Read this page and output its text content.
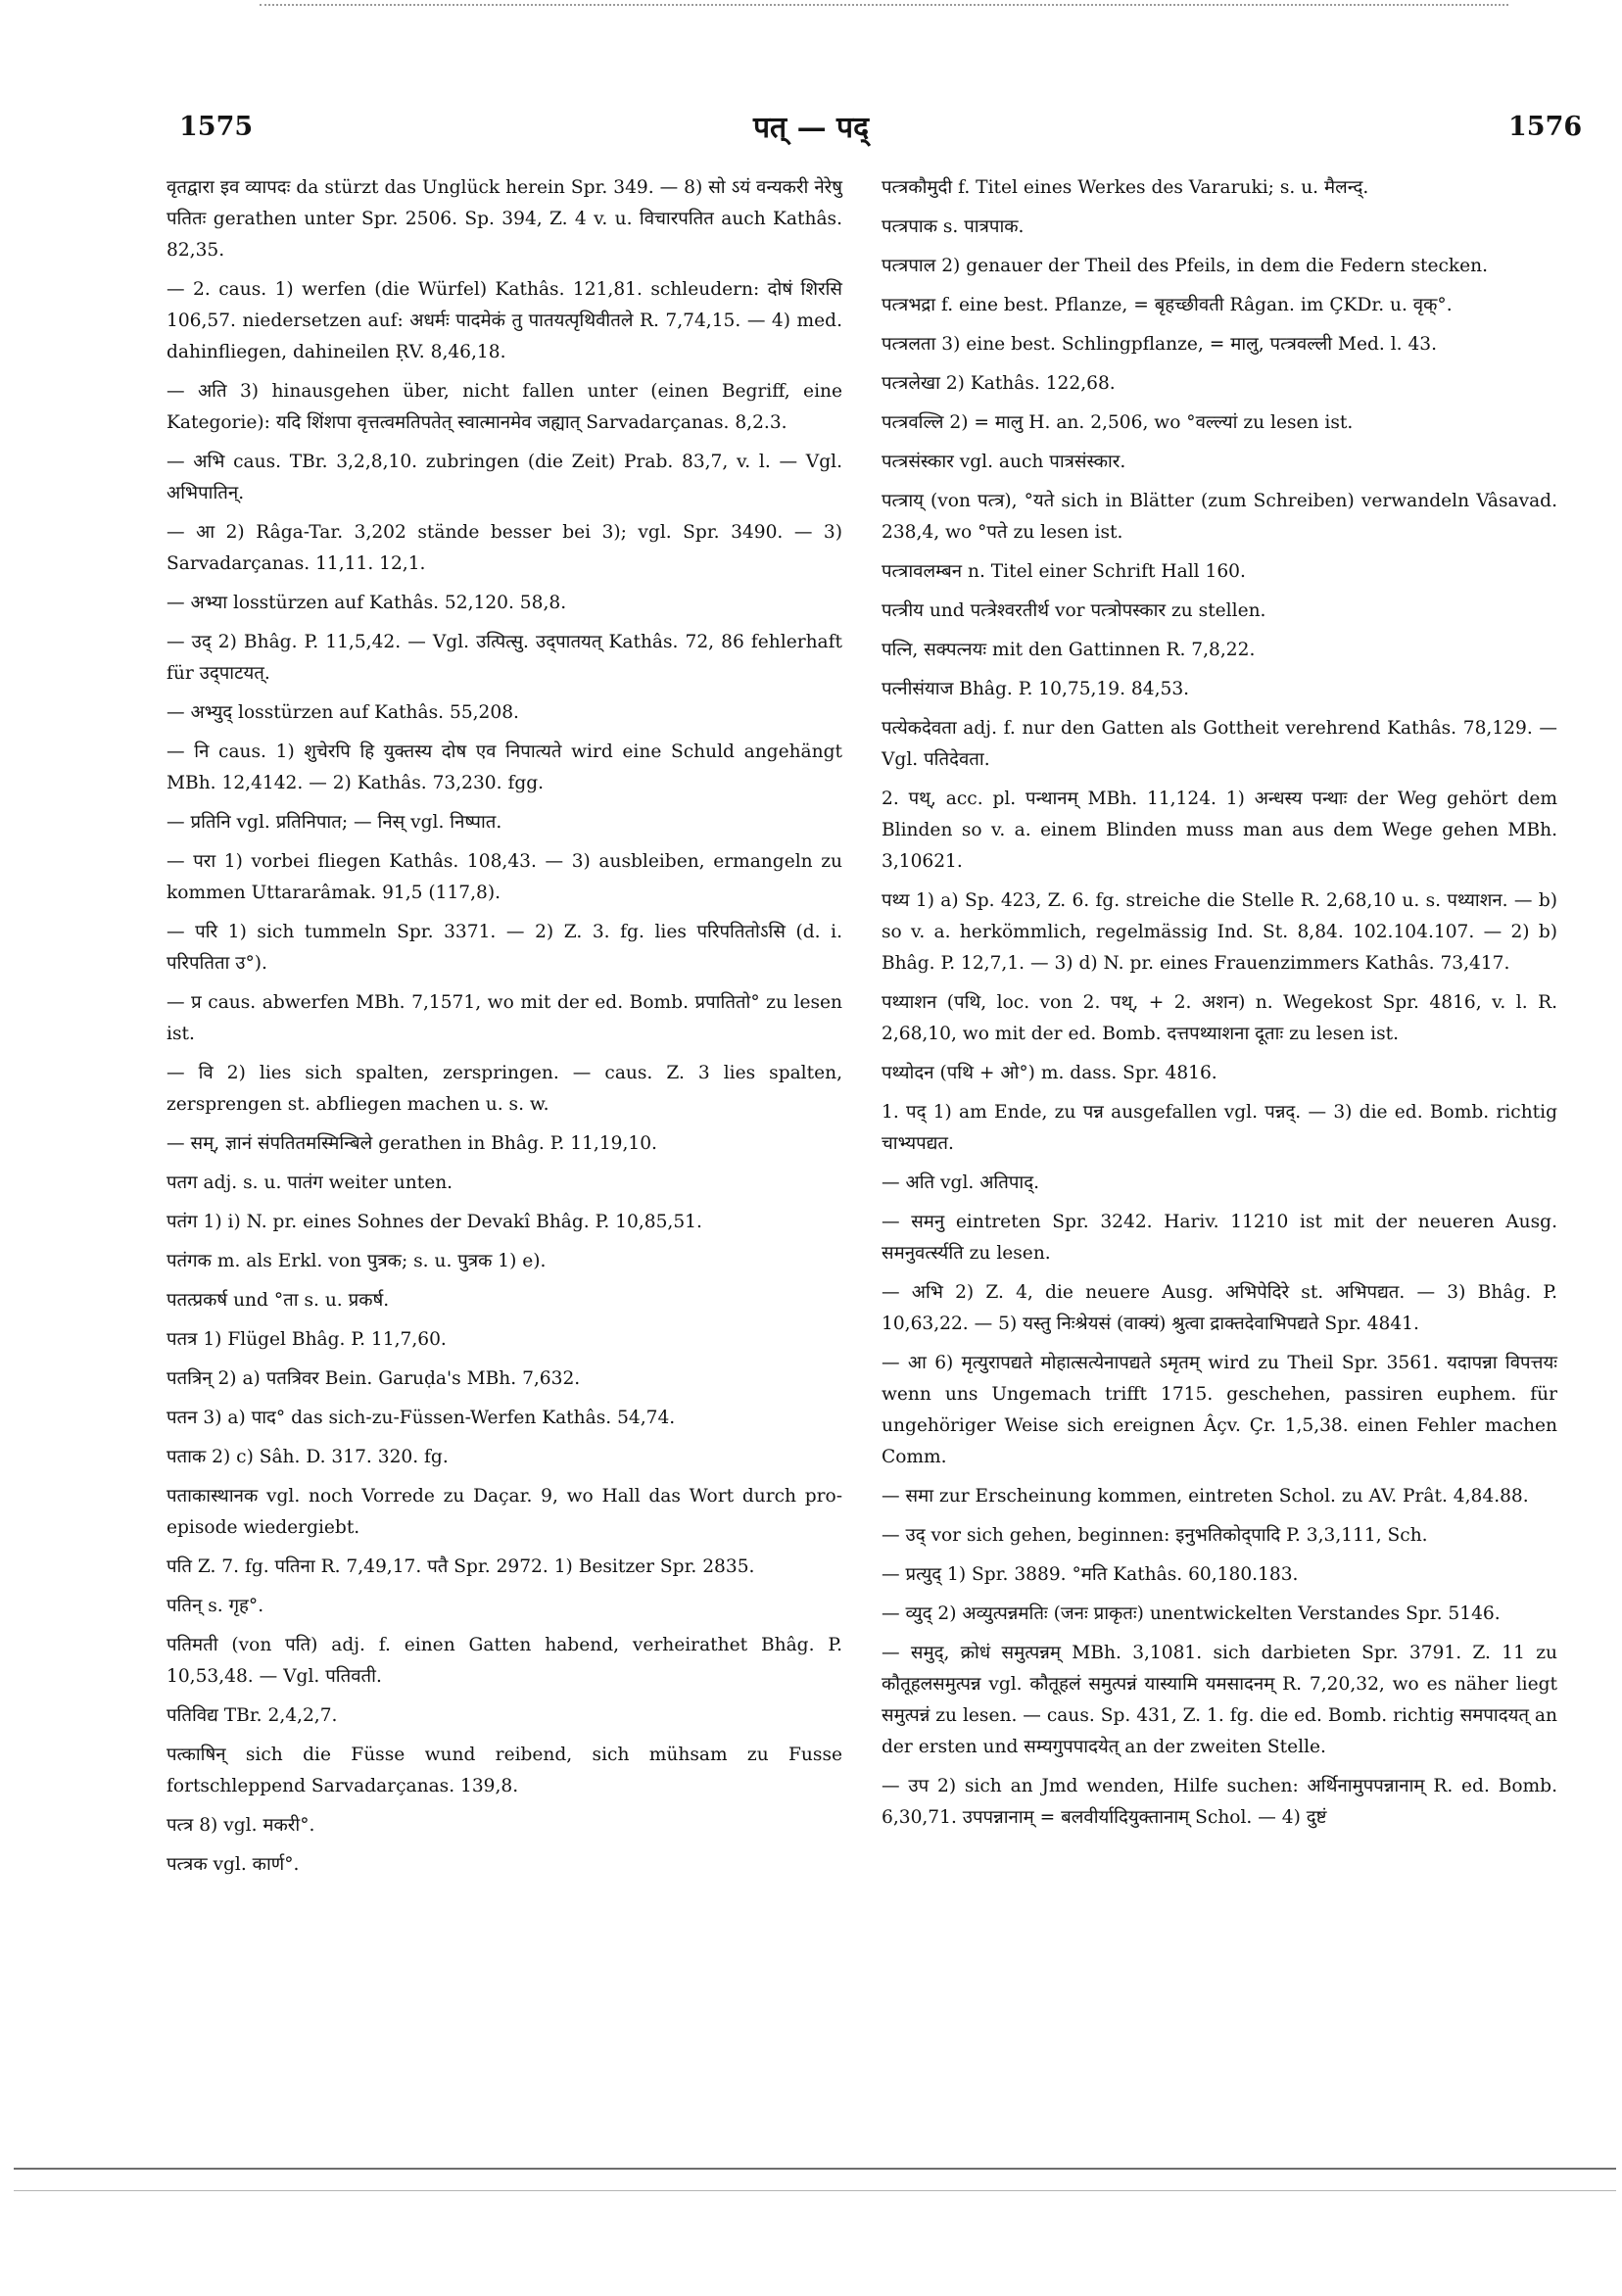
1575	पत् — पद्	1576

वृतद्वारा इव व्यापदः da stürzt das Unglück herein Spr. 349. — 8) सो ऽयं वन्यकरी नेरेषु पतितः gerathen unter Spr. 2506. Sp. 394, Z. 4 v. u. विचारपतित auch Kathâs. 82,35.

— 2. caus. 1) werfen (die Würfel) Kathâs. 121,81. schleudern: दोषं शिरसि 106,57. niedersetzen auf: अधर्मः पादमेकं तु पातयत्पृथिवीतले R. 7,74,15. — 4) med. dahinfliegen, dahineilen ṚV. 8,46,18.

— अति 3) hinausgehen über, nicht fallen unter (einen Begriff, eine Kategorie): यदि शिंशपा वृत्तत्वमतिपतेत् स्वात्मानमेव जह्यात् Sarvadarçanas. 8,2.3.

— अभि caus. TBr. 3,2,8,10. zubringen (die Zeit) Prab. 83,7, v. l. — Vgl. अभिपातिन्.

— आ 2) Râga-Tar. 3,202 stände besser bei 3); vgl. Spr. 3490. — 3) Sarvadarçanas. 11,11. 12,1.

— अभ्या losstürzen auf Kathâs. 52,120. 58,8.

— उद् 2) Bhâg. P. 11,5,42. — Vgl. उत्पित्सु. उद्पातयत् Kathâs. 72, 86 fehlerhaft für उद्पाटयत्.

— अभ्युद् losstürzen auf Kathâs. 55,208.

— नि caus. 1) शुचेरपि हि युक्तस्य दोष एव निपात्यते wird eine Schuld angehängt MBh. 12,4142. — 2) Kathâs. 73,230. fgg.

— प्रतिनि vgl. प्रतिनिपात; — निस् vgl. निष्पात.

— परा 1) vorbei fliegen Kathâs. 108,43. — 3) ausbleiben, ermangeln zu kommen Uttararâmak. 91,5 (117,8).

— परि 1) sich tummeln Spr. 3371. — 2) Z. 3. fg. lies परिपतितोऽसि (d. i. परिपतिता उ°).

— प्र caus. abwerfen MBh. 7,1571, wo mit der ed. Bomb. प्रपातितो° zu lesen ist.

— वि 2) lies sich spalten, zerspringen. — caus. Z. 3 lies spalten, zersprengen st. abfliegen machen u. s. w.

— सम्, ज्ञानं संपतितमस्मिन्बिले gerathen in Bhâg. P. 11,19,10.

पतग adj. s. u. पातंग weiter unten.

पतंग 1) i) N. pr. eines Sohnes der Devakî Bhâg. P. 10,85,51.

पतंगक m. als Erkl. von पुत्रक; s. u. पुत्रक 1) e).

पतत्प्रकर्ष und °ता s. u. प्रकर्ष.

पतत्र 1) Flügel Bhâg. P. 11,7,60.

पतत्रिन् 2) a) पतत्रिवर Bein. Garuḍa's MBh. 7,632.

पतन 3) a) पाद° das sich-zu-Füssen-Werfen Kathâs. 54,74.

पताक 2) c) Sâh. D. 317. 320. fg.

पताकास्थानक vgl. noch Vorrede zu Daçar. 9, wo Hall das Wort durch pro-episode wiedergiebt.

पति Z. 7. fg. पतिना R. 7,49,17. पतै Spr. 2972. 1) Besitzer Spr. 2835.

पतिन् s. गृह°.

पतिमती (von पति) adj. f. einen Gatten habend, verheirathet Bhâg. P. 10,53,48. — Vgl. पतिवती.

पतिविद्य TBr. 2,4,2,7.

पत्काषिन् sich die Füsse wund reibend, sich mühsam zu Fusse fortschleppend Sarvadarçanas. 139,8.

पत्त्र 8) vgl. मकरी°.

पत्त्रक vgl. कार्ण°.

पत्त्रकौमुदी f. Titel eines Werkes des Vararuki; s. u. मैलन्द्.

पत्त्रपाक s. पात्रपाक.

पत्त्रपाल 2) genauer der Theil des Pfeils, in dem die Federn stecken.

पत्त्रभद्रा f. eine best. Pflanze, = बृहच्छीवती Râgan. im ÇKDr. u. वृक्°.

पत्त्रलता 3) eine best. Schlingpflanze, = मालु, पत्त्रवल्ली Med. l. 43.

पत्त्रलेखा 2) Kathâs. 122,68.

पत्त्रवल्लि 2) = मालु H. an. 2,506, wo °वल्ल्यां zu lesen ist.

पत्त्रसंस्कार vgl. auch पात्रसंस्कार.

पत्त्राय् (von पत्त्र), °यते sich in Blätter (zum Schreiben) verwandeln Vâsavad. 238,4, wo °पते zu lesen ist.

पत्त्रावलम्बन n. Titel einer Schrift Hall 160.

पत्त्रीय und पत्त्रेश्वरतीर्थ vor पत्त्रोपस्कार zu stellen.

पत्नि, सक्पत्नयः mit den Gattinnen R. 7,8,22.

पत्नीसंयाज Bhâg. P. 10,75,19. 84,53.

पत्येकदेवता adj. f. nur den Gatten als Gottheit verehrend Kathâs. 78,129. — Vgl. पतिदेवता.

2. पथ्, acc. pl. पन्थानम् MBh. 11,124. 1) अन्धस्य पन्थाः der Weg gehört dem Blinden so v. a. einem Blinden muss man aus dem Wege gehen MBh. 3,10621.

पथ्य 1) a) Sp. 423, Z. 6. fg. streiche die Stelle R. 2,68,10 u. s. पथ्याशन. — b) so v. a. herkömmlich, regelmässig Ind. St. 8,84. 102.104.107. — 2) b) Bhâg. P. 12,7,1. — 3) d) N. pr. eines Frauenzimmers Kathâs. 73,417.

पथ्याशन (पथि, loc. von 2. पथ्, + 2. अशन) n. Wegekost Spr. 4816, v. l. R. 2,68,10, wo mit der ed. Bomb. दत्तपथ्याशना दूताः zu lesen ist.

पथ्योदन (पथि + ओ°) m. dass. Spr. 4816.

1. पद् 1) am Ende, zu पन्न ausgefallen vgl. पन्नद्. — 3) die ed. Bomb. richtig चाभ्यपद्यत.

— अति vgl. अतिपाद्.

— समनु eintreten Spr. 3242. Hariv. 11210 ist mit der neueren Ausg. समनुवर्त्स्यति zu lesen.

— अभि 2) Z. 4, die neuere Ausg. अभिपेदिरे st. अभिपद्यत. — 3) Bhâg. P. 10,63,22. — 5) यस्तु निःश्रेयसं (वाक्यं) श्रुत्वा द्राक्तदेवाभिपद्यते Spr. 4841.

— आ 6) मृत्युरापद्यते मोहात्सत्येनापद्यते ऽमृतम् wird zu Theil Spr. 3561. यदापन्ना विपत्तयः wenn uns Ungemach trifft 1715. geschehen, passiren euphem. für ungehöriger Weise sich ereignen Âçv. Çr. 1,5,38. einen Fehler machen Comm.

— समा zur Erscheinung kommen, eintreten Schol. zu AV. Prât. 4,84.88.

— उद् vor sich gehen, beginnen: इनुभतिकोद्पादि P. 3,3,111, Sch.

— प्रत्युद् 1) Spr. 3889. °मति Kathâs. 60,180.183.

— व्युद् 2) अव्युत्पन्नमतिः (जनः प्राकृतः) unentwickelten Verstandes Spr. 5146.

— समुद्, क्रोधं समुत्पन्नम् MBh. 3,1081. sich darbieten Spr. 3791. Z. 11 zu कौतूहलसमुत्पन्न vgl. कौतूहलं समुत्पन्नं यास्यामि यमसादनम् R. 7,20,32, wo es näher liegt समुत्पन्नं zu lesen. — caus. Sp. 431, Z. 1. fg. die ed. Bomb. richtig समपादयत् an der ersten und सम्यगुपपादयेत् an der zweiten Stelle.

— उप 2) sich an Jmd wenden, Hilfe suchen: अर्थिनामुपपन्नानाम् R. ed. Bomb. 6,30,71. उपपन्नानाम् = बलवीर्यादियुक्तानाम् Schol. — 4) दुष्टं
